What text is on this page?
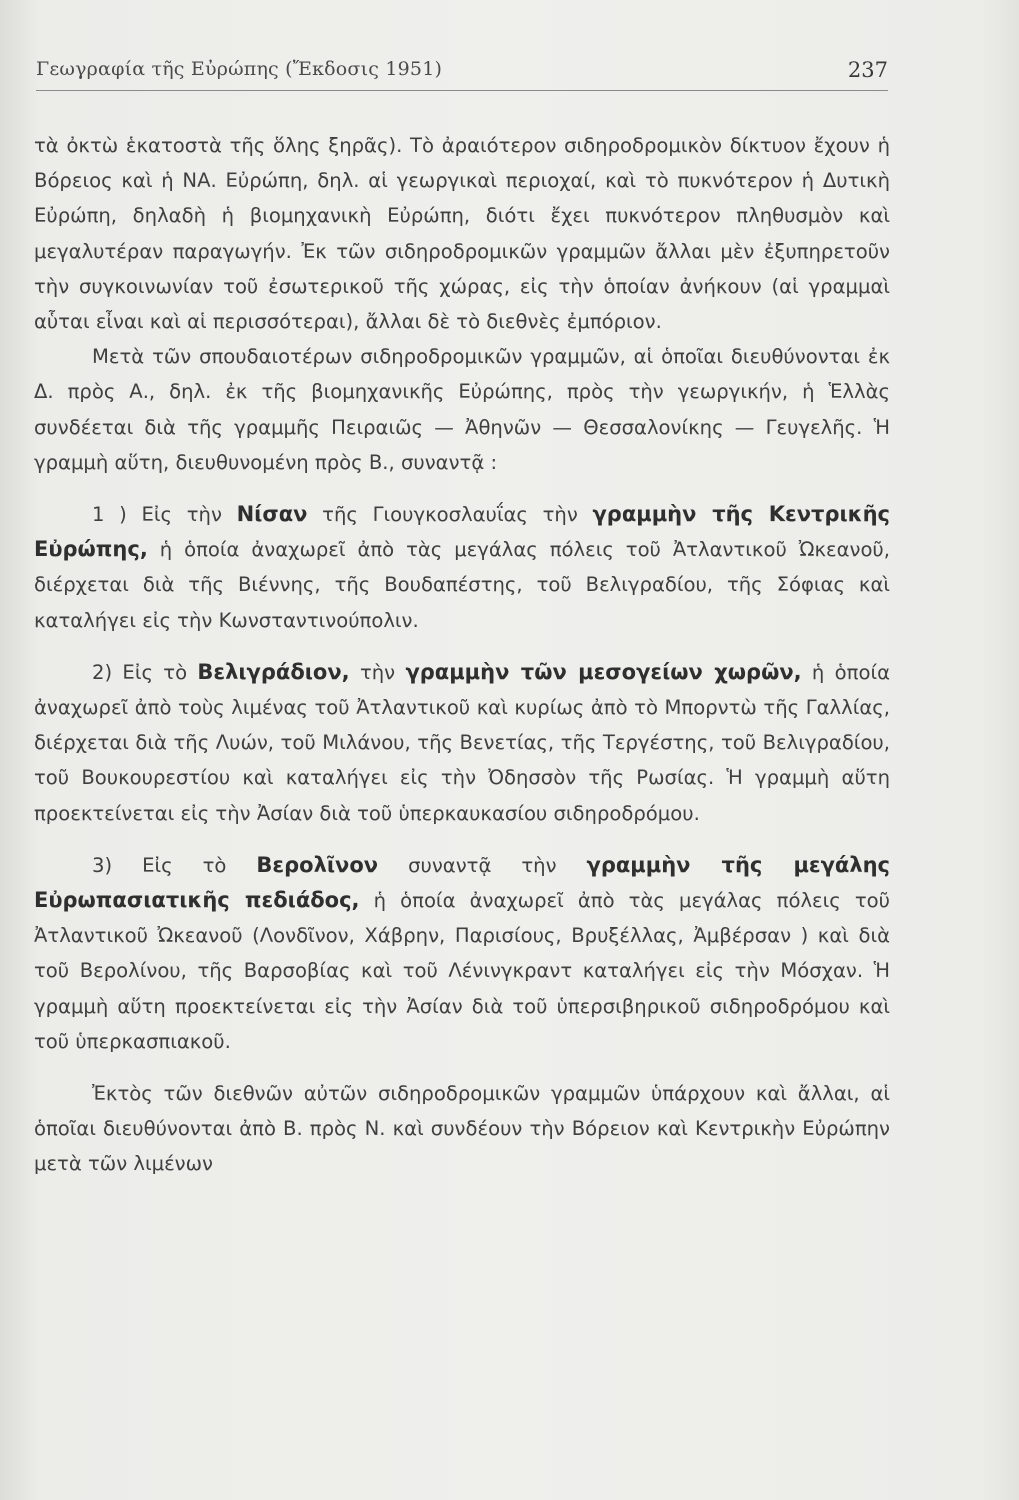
Γεωγραφία τῆς Εὐρώπης (Ἔκδοσις 1951)	237

τὰ ὀκτὼ ἑκατοστὰ τῆς ὅλης ξηρᾶς). Τὸ ἀραιότερον σιδηροδρομικὸν δίκτυον ἔχουν ἡ Βόρειος καὶ ἡ ΝΑ. Εὐρώπη, δηλ. αἱ γεωργικαὶ περιοχαί, καὶ τὸ πυκνότερον ἡ Δυτικὴ Εὐρώπη, δηλαδὴ ἡ βιομηχανικὴ Εὐρώπη, διότι ἔχει πυκνότερον πληθυσμὸν καὶ μεγαλυτέραν παραγωγήν. Ἐκ τῶν σιδηροδρομικῶν γραμμῶν ἄλλαι μὲν ἐξυπηρετοῦν τὴν συγκοινωνίαν τοῦ ἐσωτερικοῦ τῆς χώρας, εἰς τὴν ὁποίαν ἀνήκουν (αἱ γραμμαὶ αὗται εἶναι καὶ αἱ περισσότεραι), ἄλλαι δὲ τὸ διεθνὲς ἐμπόριον.

Μετὰ τῶν σπουδαιοτέρων σιδηροδρομικῶν γραμμῶν, αἱ ὁποῖαι διευθύνονται ἐκ Δ. πρὸς Α., δηλ. ἐκ τῆς βιομηχανικῆς Εὐρώπης, πρὸς τὴν γεωργικήν, ἡ Ἑλλὰς συνδέεται διὰ τῆς γραμμῆς Πειραιῶς — Ἀθηνῶν — Θεσσαλονίκης — Γευγελῆς. Ἡ γραμμὴ αὕτη, διευθυνομένη πρὸς Β., συναντᾷ :

1 ) Εἰς τὴν Νίσαν τῆς Γιουγκοσλαυΐας τὴν γραμμὴν τῆς Κεντρικῆς Εὐρώπης, ἡ ὁποία ἀναχωρεῖ ἀπὸ τὰς μεγάλας πόλεις τοῦ Ἀτλαντικοῦ Ὠκεανοῦ, διέρχεται διὰ τῆς Βιέννης, τῆς Βουδαπέστης, τοῦ Βελιγραδίου, τῆς Σόφιας καὶ καταλήγει εἰς τὴν Κωνσταντινούπολιν.

2) Εἰς τὸ Βελιγράδιον, τὴν γραμμὴν τῶν μεσογείων χωρῶν, ἡ ὁποία ἀναχωρεῖ ἀπὸ τοὺς λιμένας τοῦ Ἀτλαντικοῦ καὶ κυρίως ἀπὸ τὸ Μπορντὼ τῆς Γαλλίας, διέρχεται διὰ τῆς Λυών, τοῦ Μιλάνου, τῆς Βενετίας, τῆς Τεργέστης, τοῦ Βελιγραδίου, τοῦ Βουκουρεστίου καὶ καταλήγει εἰς τὴν Ὀδησσὸν τῆς Ρωσίας. Ἡ γραμμὴ αὕτη προεκτείνεται εἰς τὴν Ἀσίαν διὰ τοῦ ὑπερκαυκασίου σιδηροδρόμου.

3) Εἰς τὸ Βερολῖνον συναντᾷ τὴν γραμμὴν τῆς μεγάλης Εὐρωπασιατικῆς πεδιάδος, ἡ ὁποία ἀναχωρεῖ ἀπὸ τὰς μεγάλας πόλεις τοῦ Ἀτλαντικοῦ Ὠκεανοῦ (Λονδῖνον, Χάβρην, Παρισίους, Βρυξέλλας, Ἀμβέρσαν ) καὶ διὰ τοῦ Βερολίνου, τῆς Βαρσοβίας καὶ τοῦ Λένινγκραντ καταλήγει εἰς τὴν Μόσχαν. Ἡ γραμμὴ αὕτη προεκτείνεται εἰς τὴν Ἀσίαν διὰ τοῦ ὑπερσιβηρικοῦ σιδηροδρόμου καὶ τοῦ ὑπερκασπιακοῦ.

Ἐκτὸς τῶν διεθνῶν αὐτῶν σιδηροδρομικῶν γραμμῶν ὑπάρχουν καὶ ἄλλαι, αἱ ὁποῖαι διευθύνονται ἀπὸ Β. πρὸς Ν. καὶ συνδέουν τὴν Βόρειον καὶ Κεντρικὴν Εὐρώπην μετὰ τῶν λιμένων
